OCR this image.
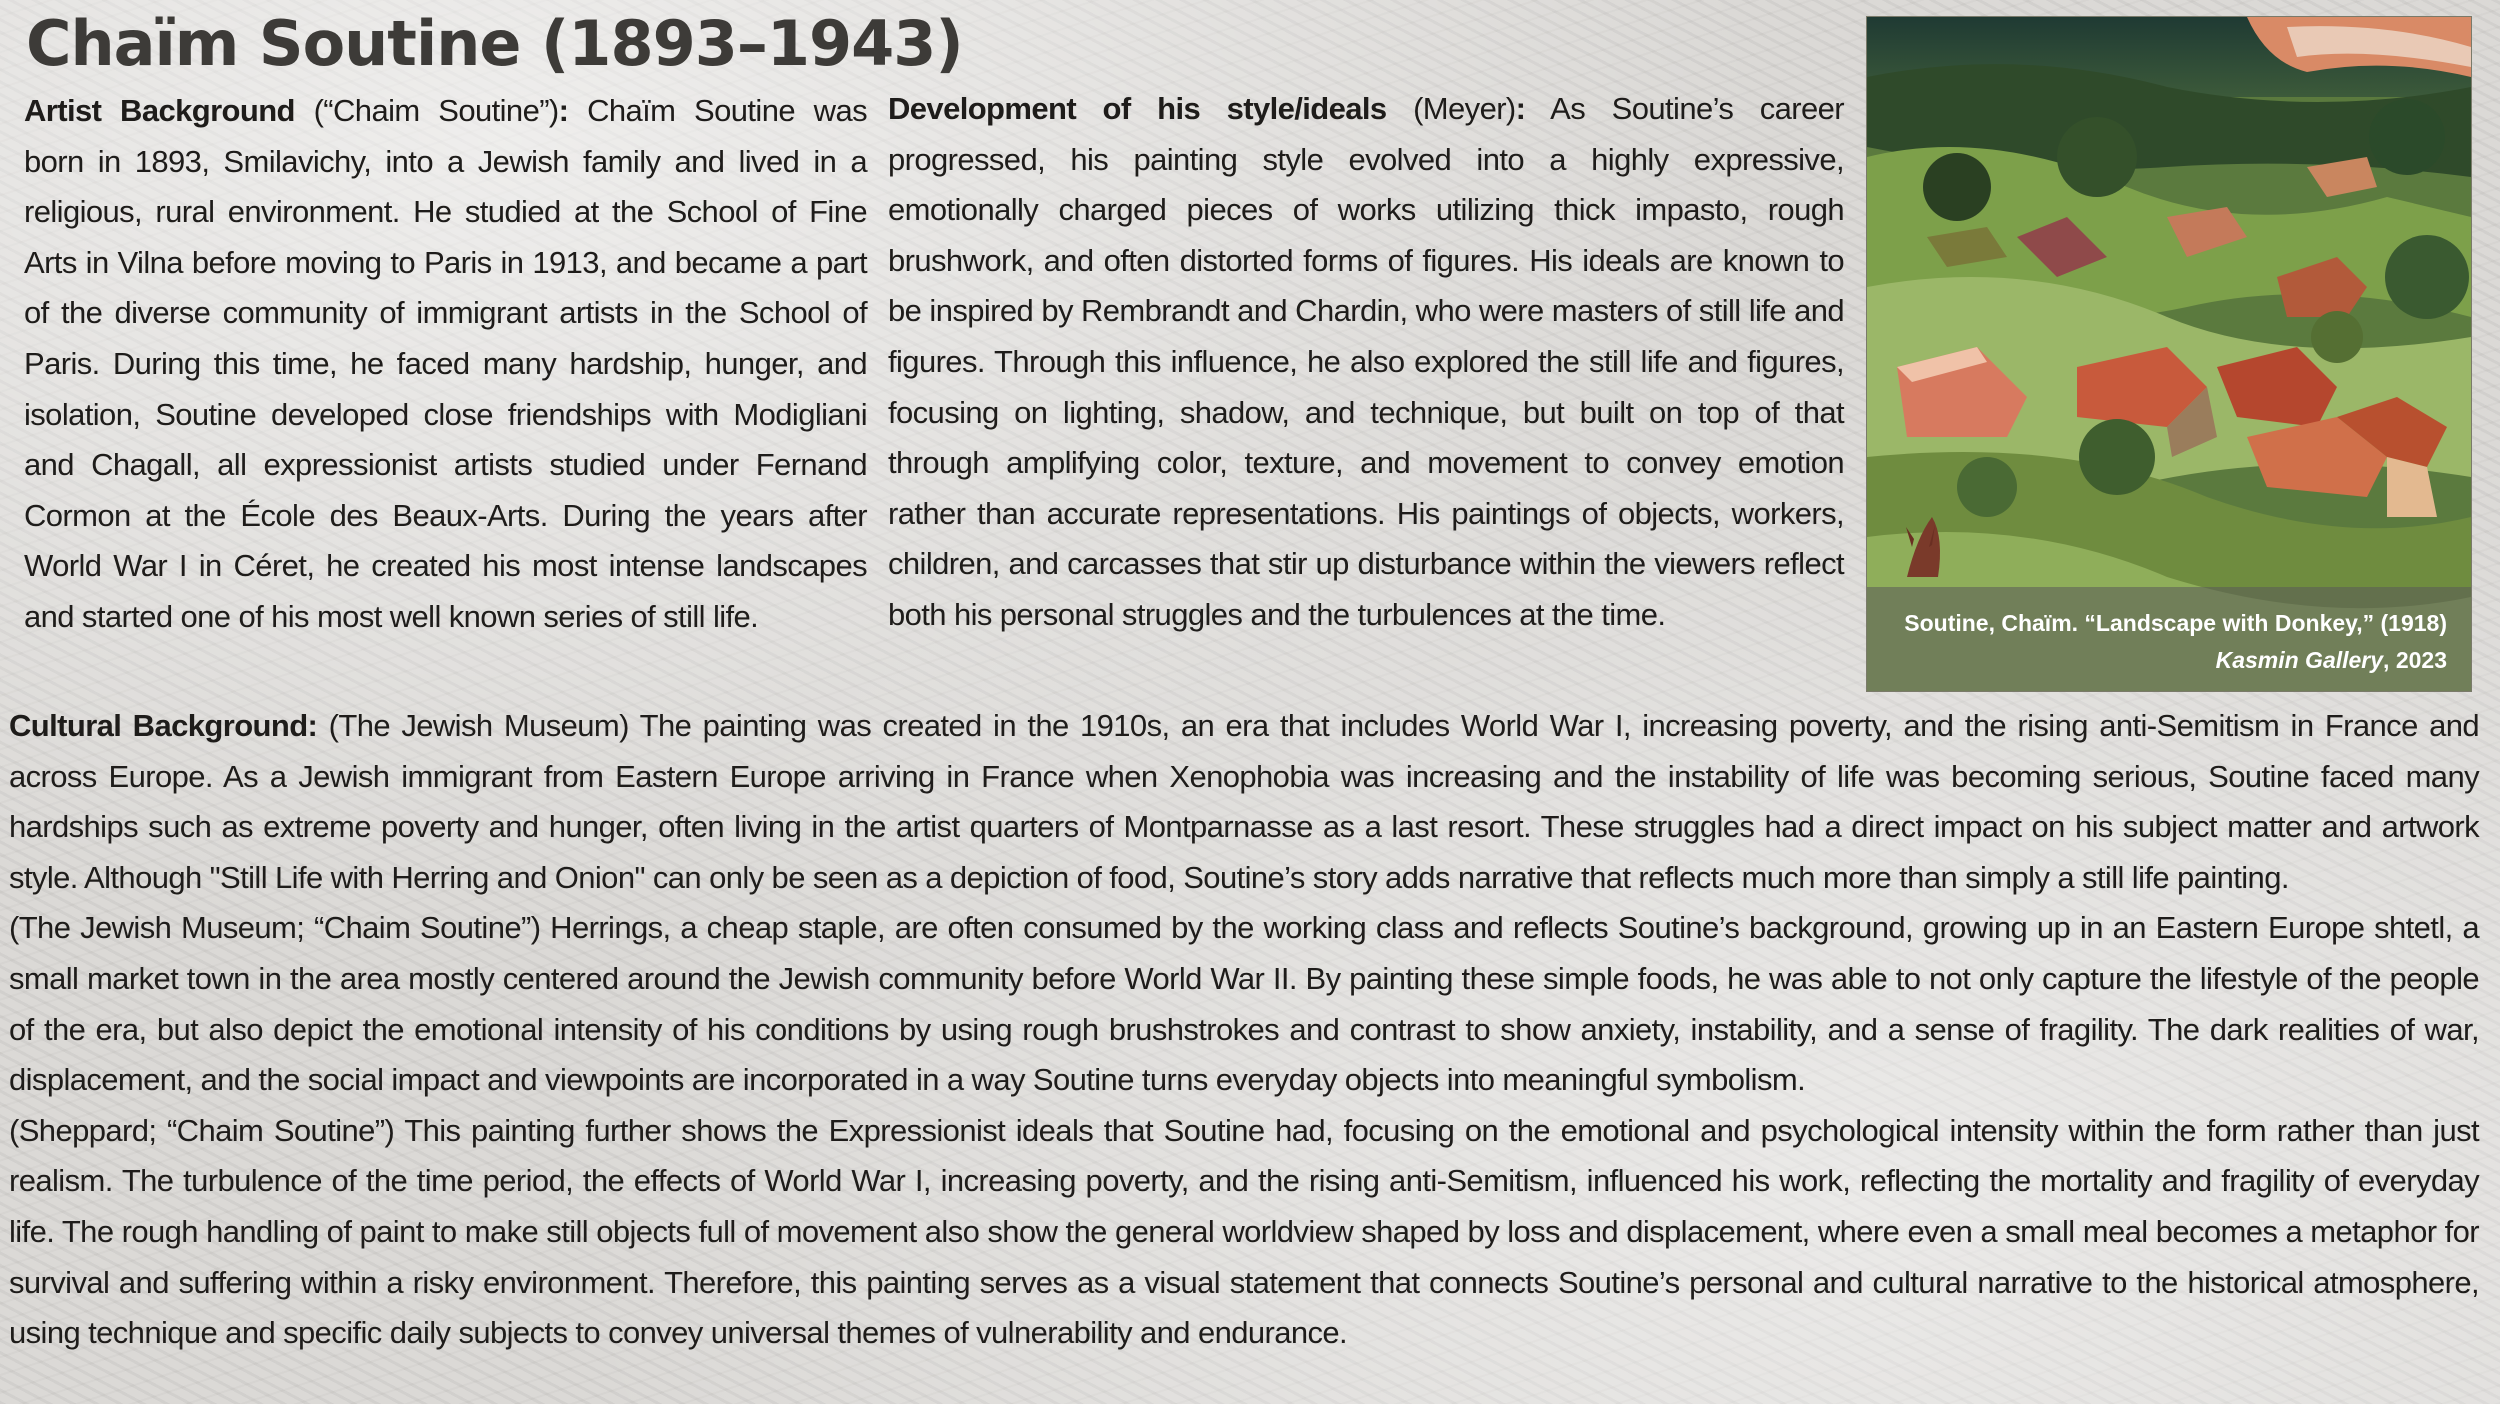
Chaïm Soutine (1893–1943)

Artist Background (“Chaim Soutine”): Chaïm Soutine was born in 1893, Smilavichy, into a Jewish family and lived in a religious, rural environment. He studied at the School of Fine Arts in Vilna before moving to Paris in 1913, and became a part of the diverse community of immigrant artists in the School of Paris. During this time, he faced many hardship, hunger, and isolation, Soutine developed close friendships with Modigliani and Chagall, all expressionist artists studied under Fernand Cormon at the École des Beaux-Arts. During the years after World War I in Céret, he created his most intense landscapes and started one of his most well known series of still life.

Development of his style/ideals (Meyer): As Soutine’s career progressed, his painting style evolved into a highly expressive, emotionally charged pieces of works utilizing thick impasto, rough brushwork, and often distorted forms of figures. His ideals are known to be inspired by Rembrandt and Chardin, who were masters of still life and figures. Through this influence, he also explored the still life and figures, focusing on lighting, shadow, and technique, but built on top of that through amplifying color, texture, and movement to convey emotion rather than accurate representations. His paintings of objects, workers, children, and carcasses that stir up disturbance within the viewers reflect both his personal struggles and the turbulences at the time.	Soutine, Chaïm. “Landscape with Donkey,” (1918)
Kasmin Gallery, 2023

Cultural Background: (The Jewish Museum) The painting was created in the 1910s, an era that includes World War I, increasing poverty, and the rising anti-Semitism in France and across Europe. As a Jewish immigrant from Eastern Europe arriving in France when Xenophobia was increasing and the instability of life was becoming serious, Soutine faced many hardships such as extreme poverty and hunger, often living in the artist quarters of Montparnasse as a last resort. These struggles had a direct impact on his subject matter and artwork style. Although "Still Life with Herring and Onion" can only be seen as a depiction of food, Soutine’s story adds narrative that reflects much more than simply a still life painting.

(The Jewish Museum; “Chaim Soutine”) Herrings, a cheap staple, are often consumed by the working class and reflects Soutine’s background, growing up in an Eastern Europe shtetl, a small market town in the area mostly centered around the Jewish community before World War II. By painting these simple foods, he was able to not only capture the lifestyle of the people of the era, but also depict the emotional intensity of his conditions by using rough brushstrokes and contrast to show anxiety, instability, and a sense of fragility. The dark realities of war, displacement, and the social impact and viewpoints are incorporated in a way Soutine turns everyday objects into meaningful symbolism.

(Sheppard; “Chaim Soutine”) This painting further shows the Expressionist ideals that Soutine had, focusing on the emotional and psychological intensity within the form rather than just realism. The turbulence of the time period, the effects of World War I, increasing poverty, and the rising anti-Semitism, influenced his work, reflecting the mortality and fragility of everyday life. The rough handling of paint to make still objects full of movement also show the general worldview shaped by loss and displacement, where even a small meal becomes a metaphor for survival and suffering within a risky environment. Therefore, this painting serves as a visual statement that connects Soutine’s personal and cultural narrative to the historical atmosphere, using technique and specific daily subjects to convey universal themes of vulnerability and endurance.
